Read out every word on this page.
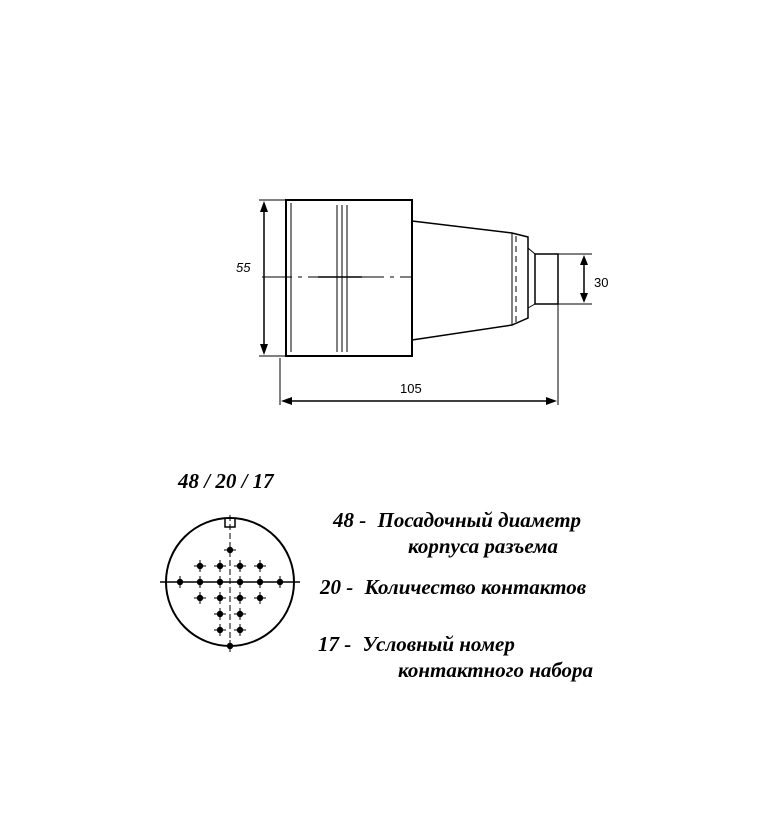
55
105
30
48 / 20 / 17
48 - Посадочный диаметр
корпуса разъема
20 - Количество контактов
17 - Условный номер
контактного набора
